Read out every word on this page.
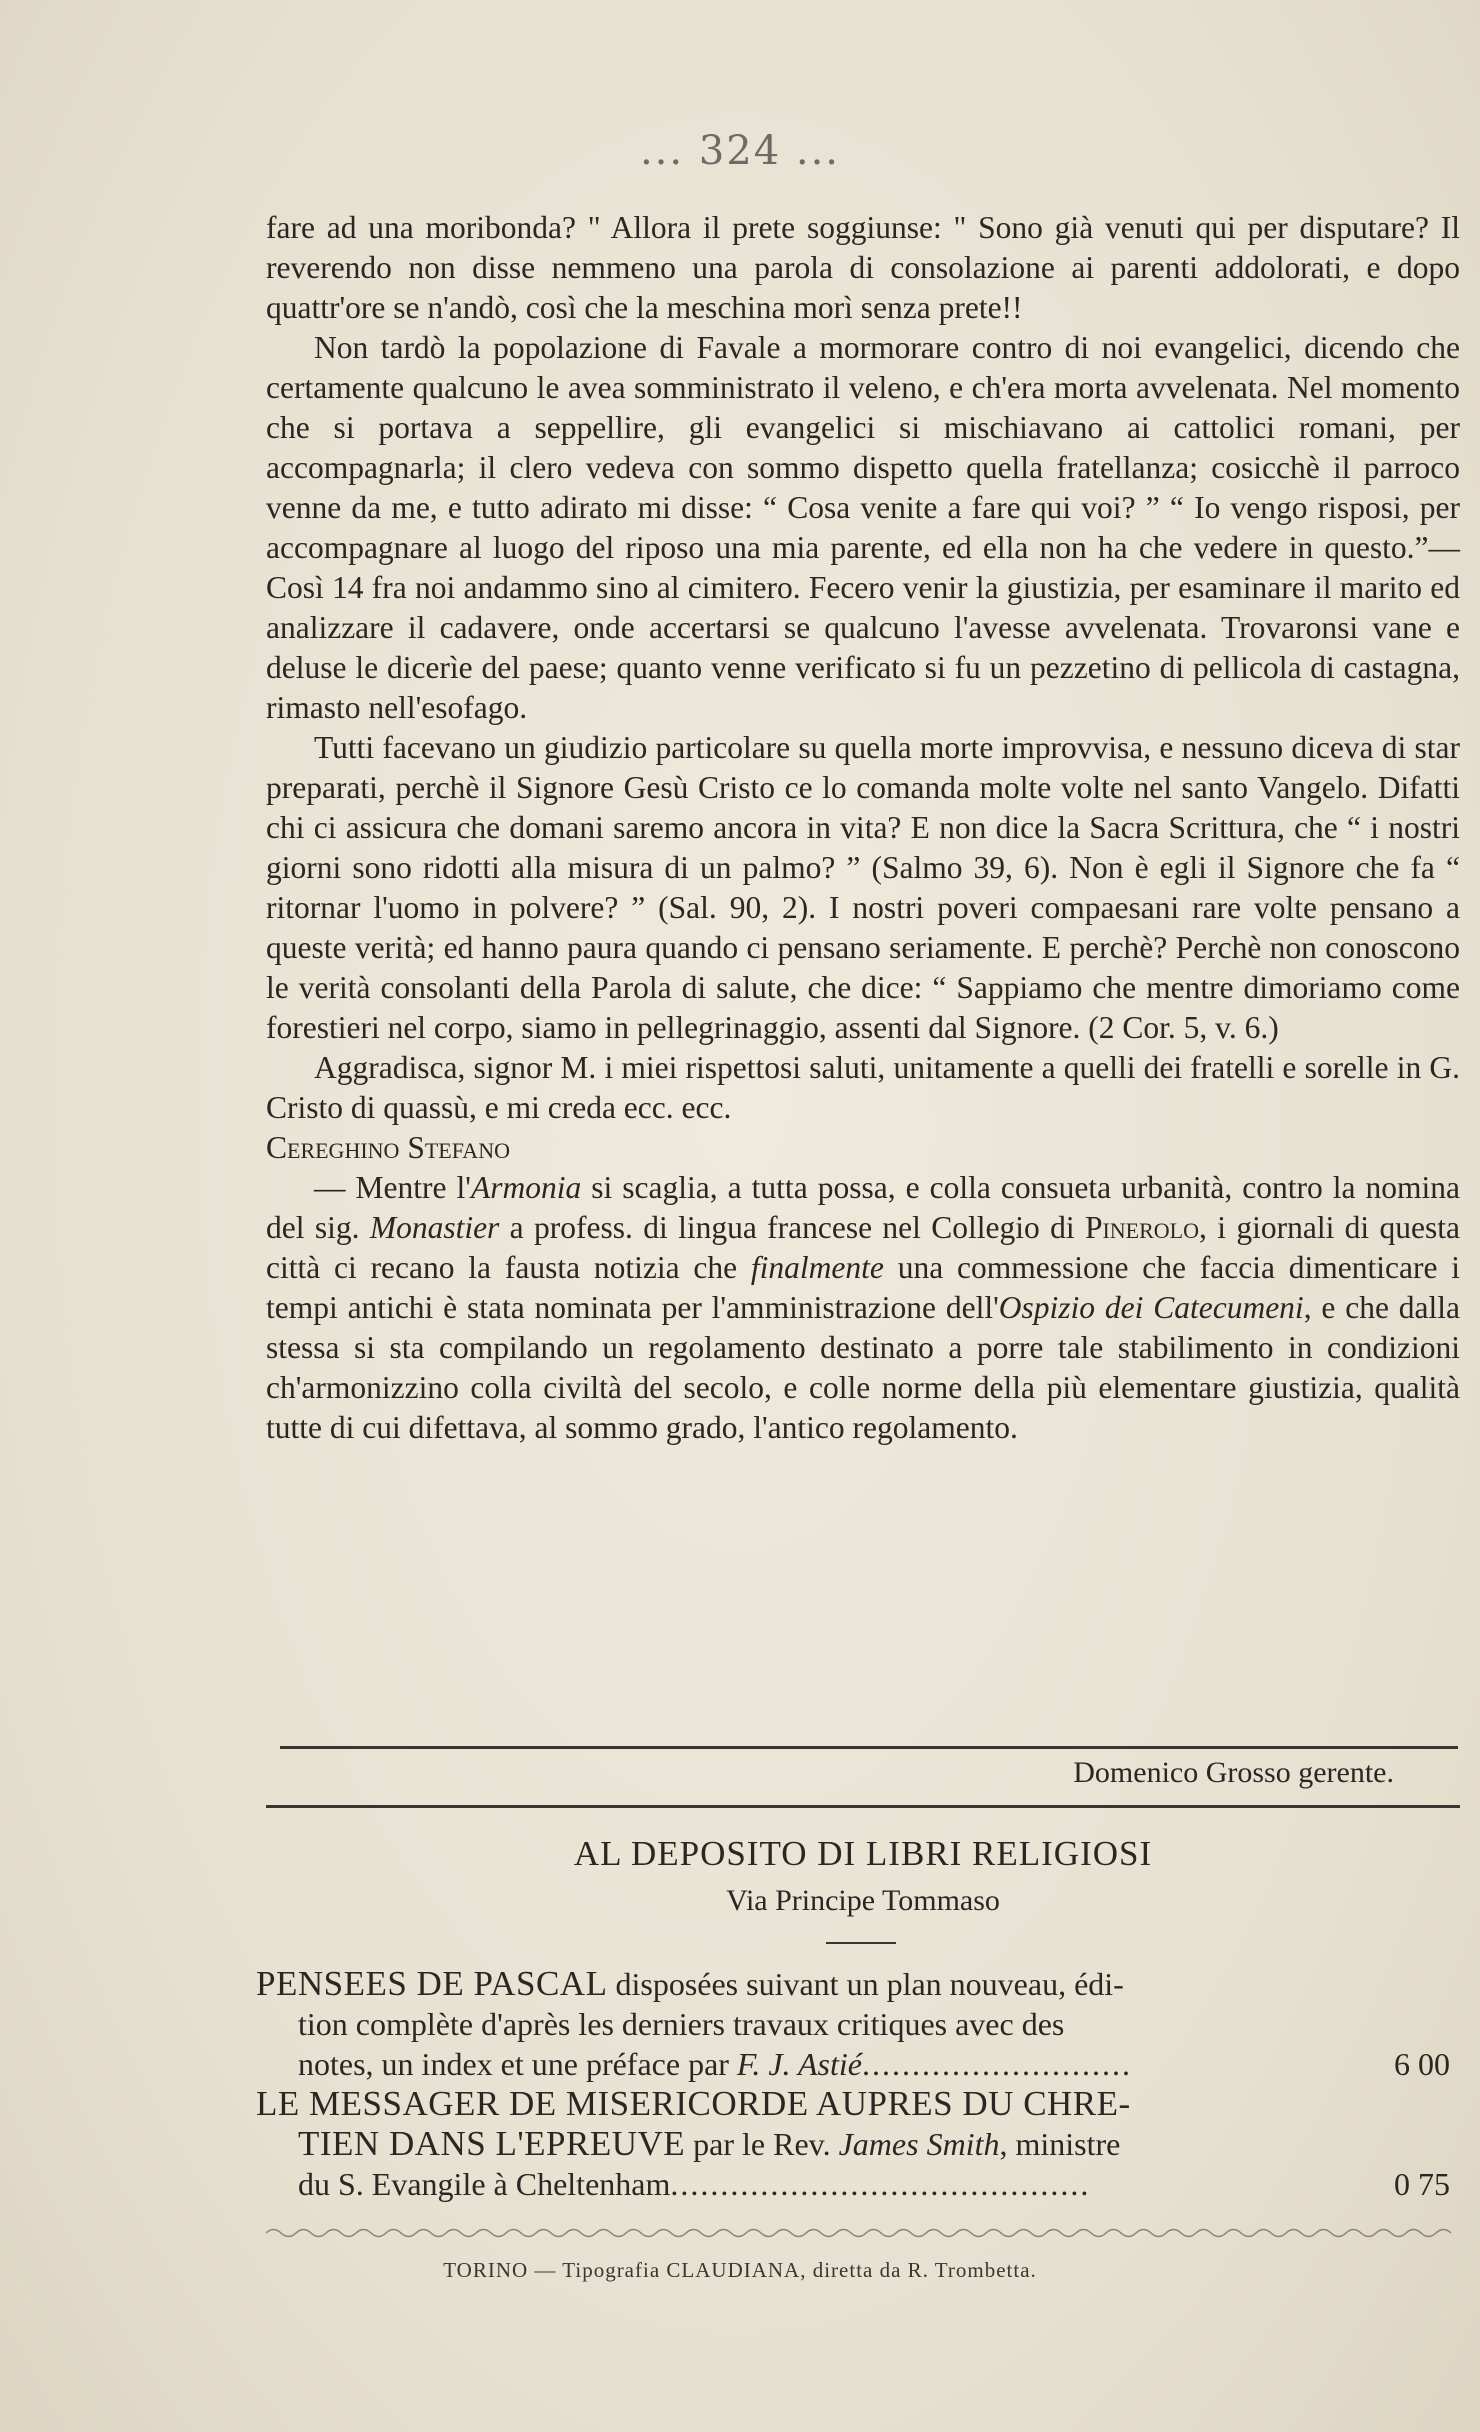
... 324 ...

fare ad una moribonda? " Allora il prete soggiunse: " Sono già venuti qui per disputare? Il reverendo non disse nemmeno una parola di consolazione ai parenti addolorati, e dopo quattr'ore se n'andò, così che la meschina morì senza prete!!

Non tardò la popolazione di Favale a mormorare contro di noi evangelici, dicendo che certamente qualcuno le avea somministrato il veleno, e ch'era morta avvelenata. Nel momento che si portava a seppellire, gli evangelici si mischiavano ai cattolici romani, per accompagnarla; il clero vedeva con sommo dispetto quella fratellanza; cosicchè il parroco venne da me, e tutto adirato mi disse: “ Cosa venite a fare qui voi? ” “ Io vengo risposi, per accompagnare al luogo del riposo una mia parente, ed ella non ha che vedere in questo.”—Così 14 fra noi andammo sino al cimitero. Fecero venir la giustizia, per esaminare il marito ed analizzare il cadavere, onde accertarsi se qualcuno l'avesse avvelenata. Trovaronsi vane e deluse le dicerìe del paese; quanto venne verificato si fu un pezzetino di pellicola di castagna, rimasto nell'esofago.

Tutti facevano un giudizio particolare su quella morte improvvisa, e nessuno diceva di star preparati, perchè il Signore Gesù Cristo ce lo comanda molte volte nel santo Vangelo. Difatti chi ci assicura che domani saremo ancora in vita? E non dice la Sacra Scrittura, che “ i nostri giorni sono ridotti alla misura di un palmo? ” (Salmo 39, 6). Non è egli il Signore che fa “ ritornar l'uomo in polvere? ” (Sal. 90, 2). I nostri poveri compaesani rare volte pensano a queste verità; ed hanno paura quando ci pensano seriamente. E perchè? Perchè non conoscono le verità consolanti della Parola di salute, che dice: “ Sappiamo che mentre dimoriamo come forestieri nel corpo, siamo in pellegrinaggio, assenti dal Signore. (2 Cor. 5, v. 6.)

Aggradisca, signor M. i miei rispettosi saluti, unitamente a quelli dei fratelli e sorelle in G. Cristo di quassù, e mi creda ecc. ecc.

Cereghino Stefano

— Mentre l'Armonia si scaglia, a tutta possa, e colla consueta urbanità, contro la nomina del sig. Monastier a profess. di lingua francese nel Collegio di Pinerolo, i giornali di questa città ci recano la fausta notizia che finalmente una commessione che faccia dimenticare i tempi antichi è stata nominata per l'amministrazione dell'Ospizio dei Catecumeni, e che dalla stessa si sta compilando un regolamento destinato a porre tale stabilimento in condizioni ch'armonizzino colla civiltà del secolo, e colle norme della più elementare giustizia, qualità tutte di cui difettava, al sommo grado, l'antico regolamento.

Domenico Grosso gerente.
AL DEPOSITO DI LIBRI RELIGIOSI
Via Principe Tommaso
PENSEES DE PASCAL disposées suivant un plan nouveau, édi-
tion complète d'après les derniers travaux critiques avec des
notes, un index et une préface par F. J. Astié...........................	6 00
LE MESSAGER DE MISERICORDE AUPRES DU CHRE-
TIEN DANS L'EPREUVE par le Rev. James Smith, ministre
du S. Evangile à Cheltenham..........................................	0 75
TORINO — Tipografia CLAUDIANA, diretta da R. Trombetta.
